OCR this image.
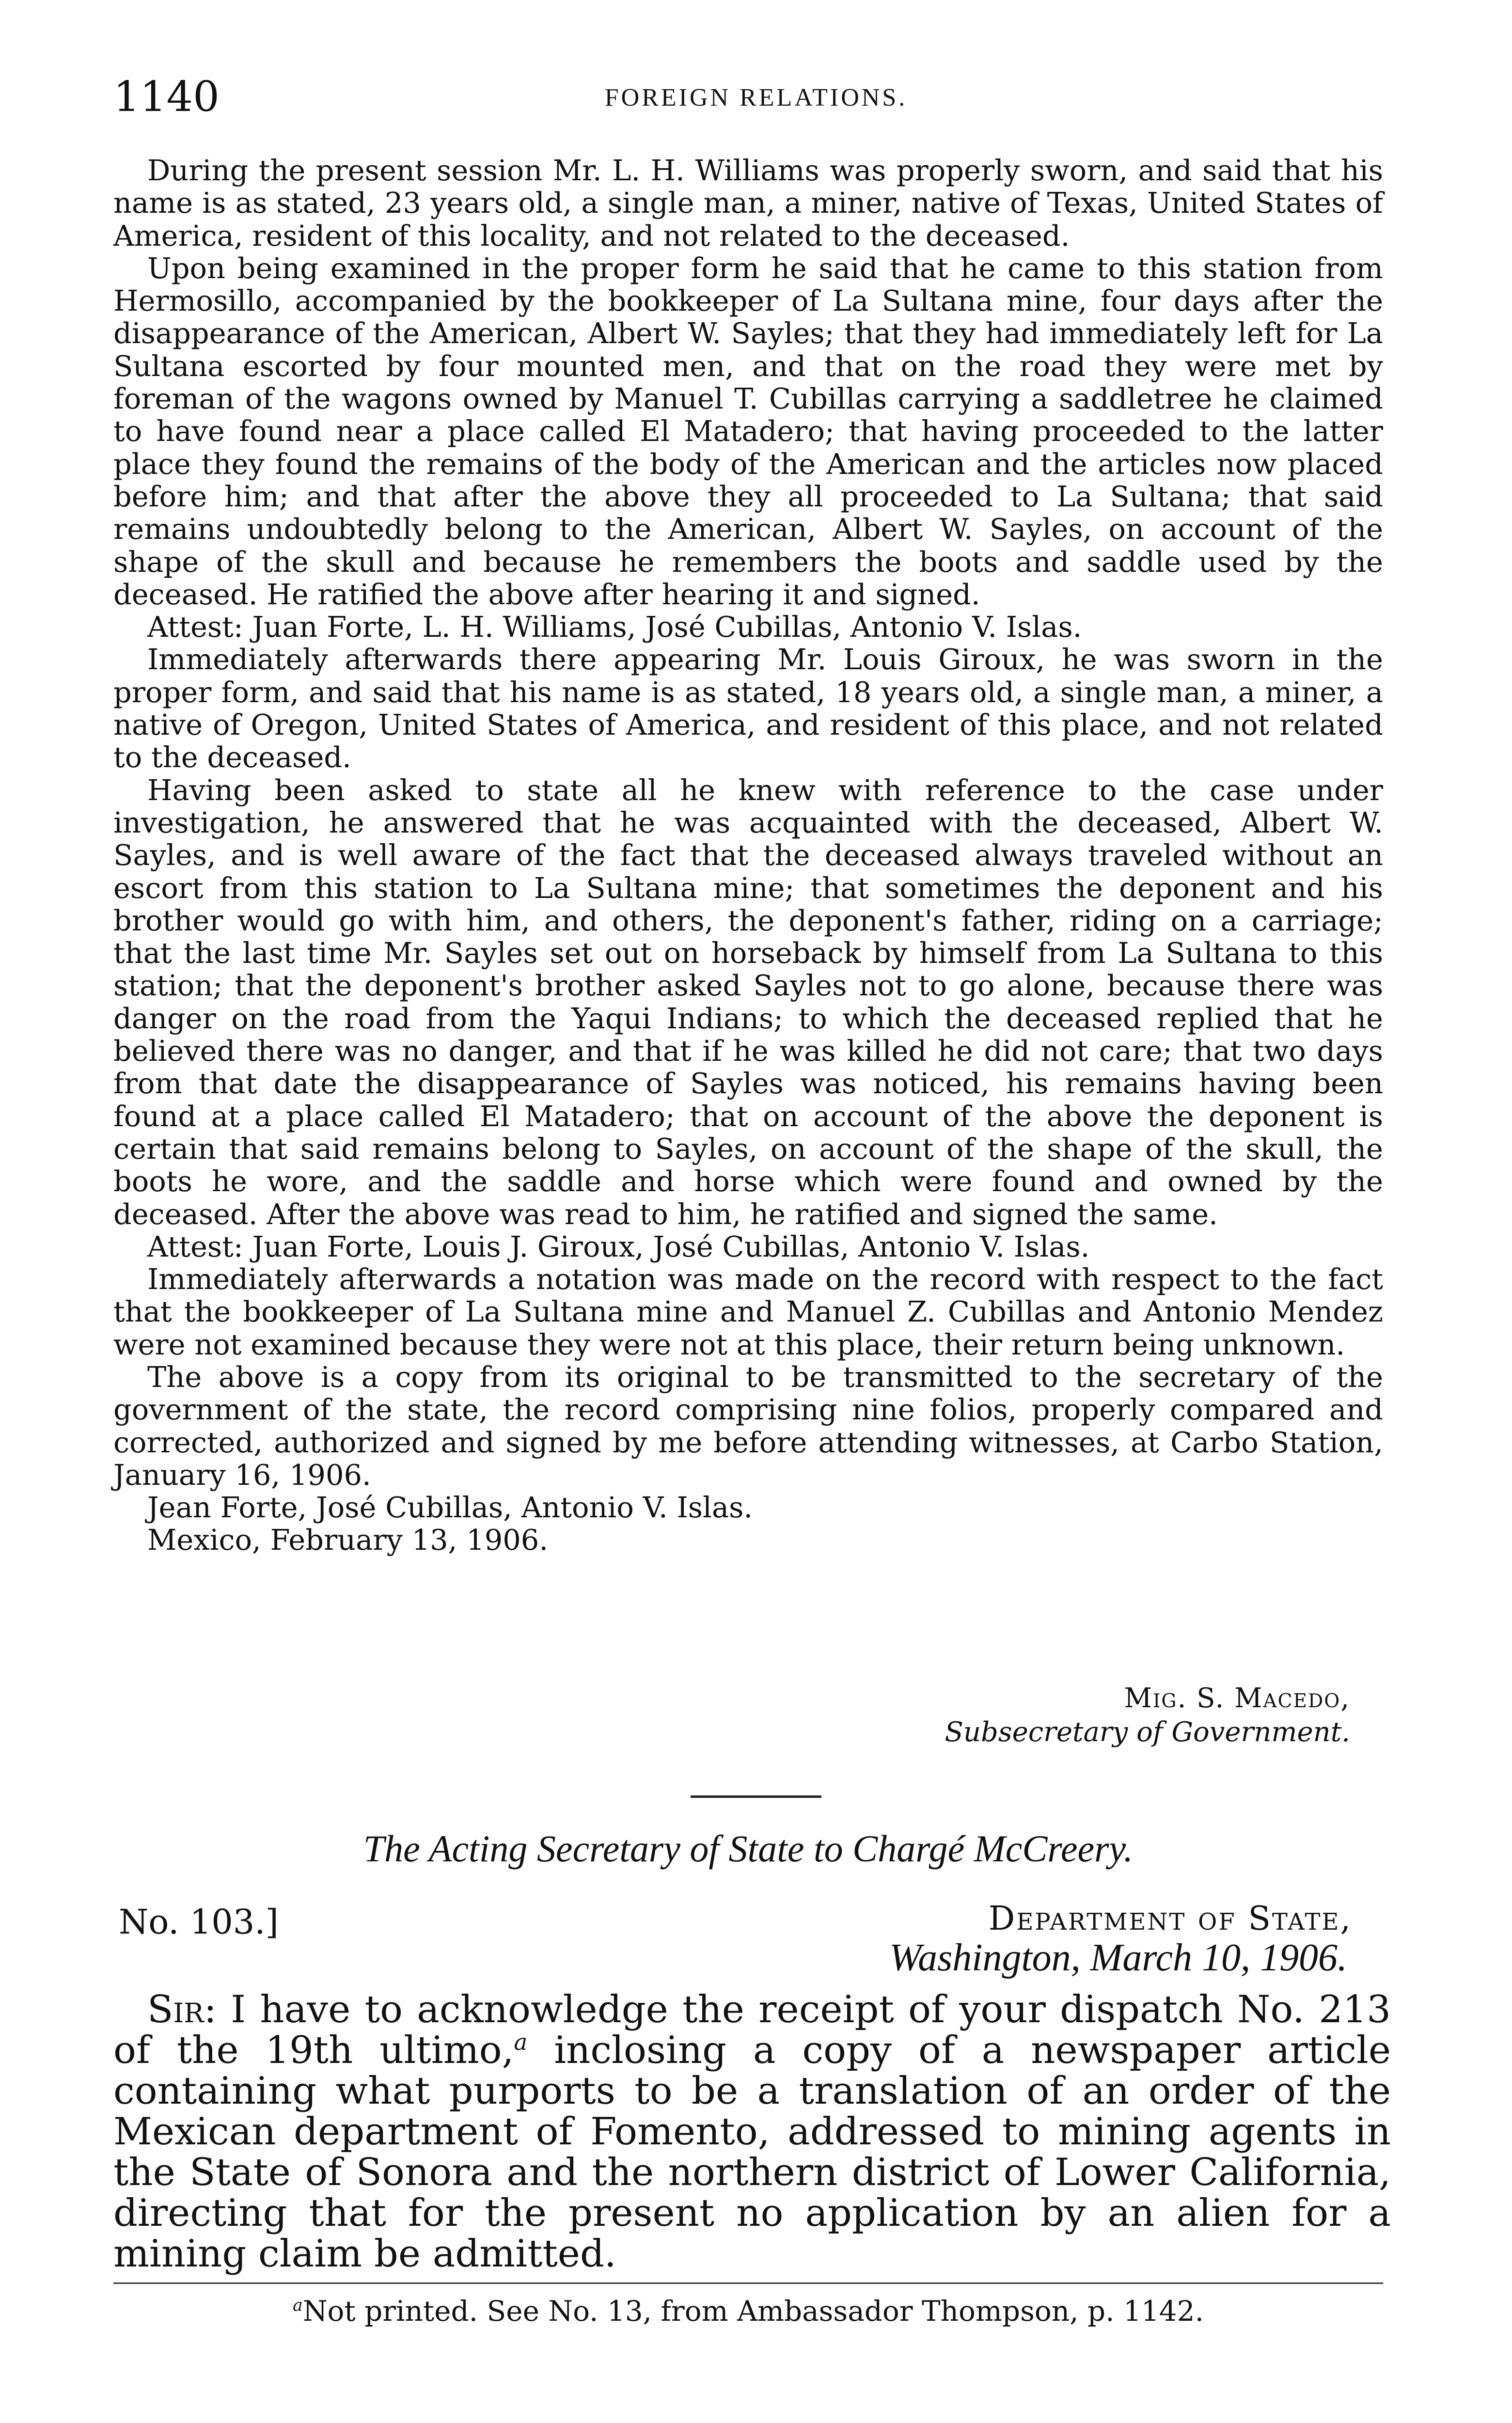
1140	FOREIGN RELATIONS.

During the present session Mr. L. H. Williams was properly sworn, and said that his name is as stated, 23 years old, a single man, a miner, native of Texas, United States of America, resident of this locality, and not related to the deceased.

Upon being examined in the proper form he said that he came to this station from Hermosillo, accompanied by the bookkeeper of La Sultana mine, four days after the disappearance of the American, Albert W. Sayles; that they had immediately left for La Sultana escorted by four mounted men, and that on the road they were met by foreman of the wagons owned by Manuel T. Cubillas carrying a saddletree he claimed to have found near a place called El Matadero; that having proceeded to the latter place they found the remains of the body of the American and the articles now placed before him; and that after the above they all proceeded to La Sultana; that said remains undoubtedly belong to the American, Albert W. Sayles, on account of the shape of the skull and because he remembers the boots and saddle used by the deceased. He ratified the above after hearing it and signed.

Attest: Juan Forte, L. H. Williams, José Cubillas, Antonio V. Islas.

Immediately afterwards there appearing Mr. Louis Giroux, he was sworn in the proper form, and said that his name is as stated, 18 years old, a single man, a miner, a native of Oregon, United States of America, and resident of this place, and not related to the deceased.

Having been asked to state all he knew with reference to the case under investigation, he answered that he was acquainted with the deceased, Albert W. Sayles, and is well aware of the fact that the deceased always traveled without an escort from this station to La Sultana mine; that sometimes the deponent and his brother would go with him, and others, the deponent's father, riding on a carriage; that the last time Mr. Sayles set out on horseback by himself from La Sultana to this station; that the deponent's brother asked Sayles not to go alone, because there was danger on the road from the Yaqui Indians; to which the deceased replied that he believed there was no danger, and that if he was killed he did not care; that two days from that date the disappearance of Sayles was noticed, his remains having been found at a place called El Matadero; that on account of the above the deponent is certain that said remains belong to Sayles, on account of the shape of the skull, the boots he wore, and the saddle and horse which were found and owned by the deceased. After the above was read to him, he ratified and signed the same.

Attest: Juan Forte, Louis J. Giroux, José Cubillas, Antonio V. Islas.

Immediately afterwards a notation was made on the record with respect to the fact that the bookkeeper of La Sultana mine and Manuel Z. Cubillas and Antonio Mendez were not examined because they were not at this place, their return being unknown.

The above is a copy from its original to be transmitted to the secretary of the government of the state, the record comprising nine folios, properly compared and corrected, authorized and signed by me before attending witnesses, at Carbo Station, January 16, 1906.

Jean Forte, José Cubillas, Antonio V. Islas.

Mexico, February 13, 1906.

Mig. S. Macedo,
Subsecretary of Government.
The Acting Secretary of State to Chargé McCreery.
No. 103.]	Department of State,
Washington, March 10, 1906.

Sir: I have to acknowledge the receipt of your dispatch No. 213 of the 19th ultimo,$^a$ inclosing a copy of a newspaper article containing what purports to be a translation of an order of the Mexican department of Fomento, addressed to mining agents in the State of Sonora and the northern district of Lower California, directing that for the present no application by an alien for a mining claim be admitted.

$^a$Not printed. See No. 13, from Ambassador Thompson, p. 1142.
